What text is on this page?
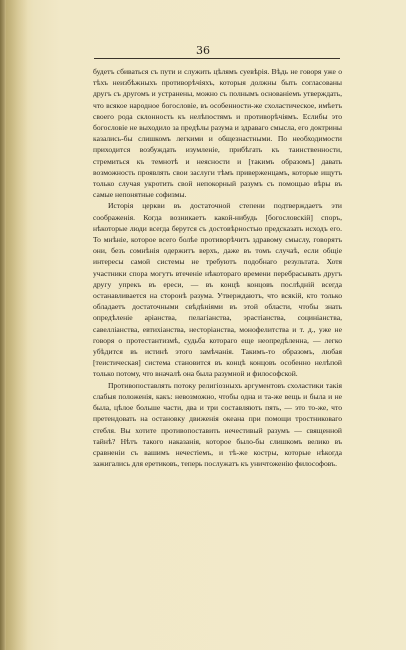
36

будетъ сбиваться съ пути и служить цѣлямъ суевѣрія. Вѣдь не говоря уже о тѣхъ неизбѣжныхъ противорѣчіяхъ, которыя должны быть согласованы другъ съ другомъ и устранены, можно съ полнымъ основаніемъ утверждать, что всякое народное богословіе, въ особенности-же схоластическое, имѣетъ своего рода склонность къ нелѣпостямъ и противорѣчіямъ. Еслибы это богословіе не выходило за предѣлы разума и здраваго смысла, его доктрины казались-бы слишкомъ легкими и общезнастными. По необходимости приходится возбуждать изумленіе, прибѣгать къ таинственности, стремиться къ темнотѣ и неясности и [такимъ образомъ] давать возможность проявлять свои заслуги тѣмъ приверженцамъ, которые ищутъ только случая укротить свой непокорный разумъ съ помощью вѣры въ самые непонятные софизмы.

Исторія церкви въ достаточной степени подтверждаетъ эти соображенія. Когда возникаетъ какой-нибудь [богословскій] споръ, нѣкоторые люди всегда берутся съ достовѣрностью предсказать исходъ его. То мнѣніе, которое всего болѣе противорѣчитъ здравому смыслу, говорятъ они, безъ сомнѣнія одержитъ верхъ, даже въ томъ случаѣ, если общіе интересы самой системы не требуютъ подобнаго результата. Хотя участники спора могутъ втеченіе нѣкотораго времени перебрасывать другъ другу упрекъ въ ереси, — въ концѣ концовъ послѣдній всегда останавливается на сторонѣ разума. Утверждаютъ, что всякій, кто только обладаетъ достаточными свѣдѣніями въ этой области, чтобы знать опредѣленіе аріанства, пелагіанства, эрастіанства, социніанства, савелліанства, евтихіанства, несторіанства, монофелитства и т. д., уже не говоря о протестантизмѣ, судьба котораго еще неопредѣленна, — легко убѣдится въ истинѣ этого замѣчанія. Такимъ-то образомъ, любая [теистическая] система становится въ концѣ концовъ особенно нелѣпой только потому, что вначалѣ она была разумной и философской.

Противопоставлять потоку религіозныхъ аргументовъ схоластики такія слабыя положенія, какъ: невозможно, чтобы одна и та-же вещь и была и не была, цѣлое больше части, два и три составляютъ пять, — это то-же, что претендовать на остановку движенія океана при помощи тростниковаго стебля. Вы хотите противопоставить нечестивый разумъ — священной тайнѣ? Нѣтъ такого наказанія, которое было-бы слишкомъ велико въ сравненіи съ вашимъ нечестіемъ, и тѣ-же костры, которые нѣкогда зажигались для еретиковъ, теперь послужатъ къ уничтоженію философовъ.
